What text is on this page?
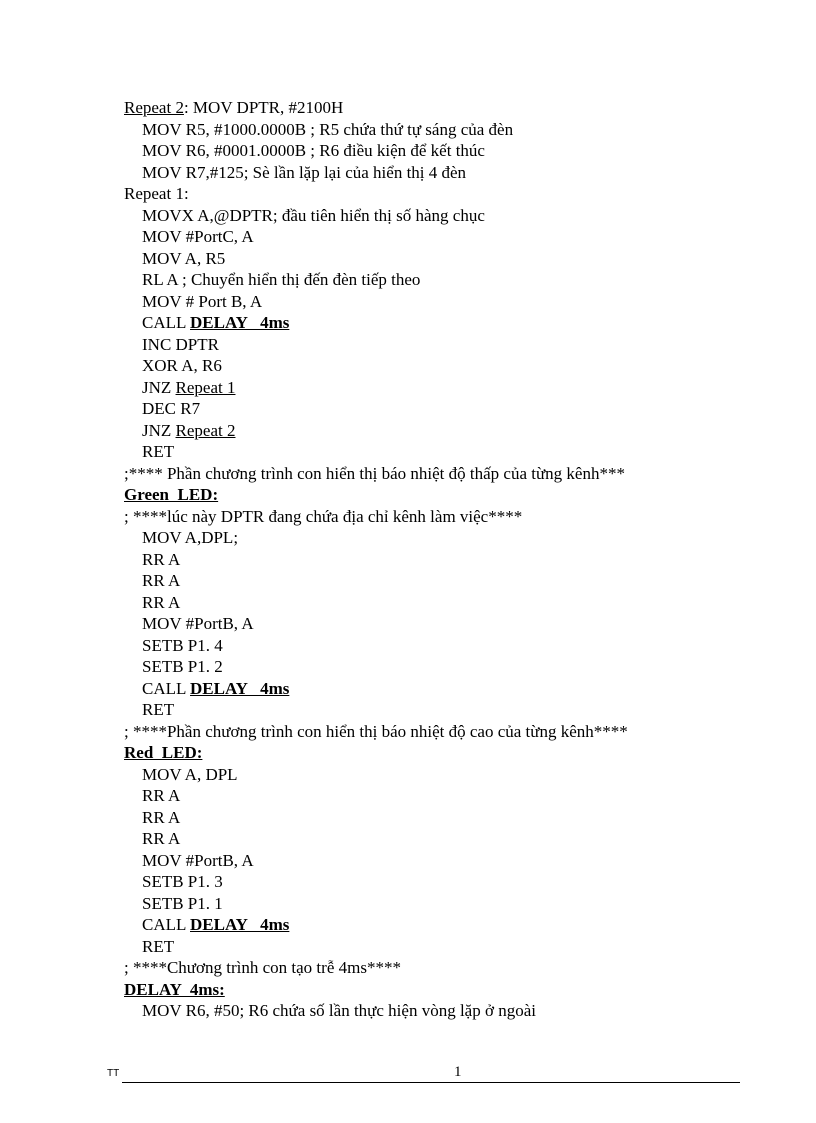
Repeat 2: MOV DPTR, #2100H
MOV R5, #1000.0000B ; R5 chứa thứ tự sáng của đèn
MOV R6, #0001.0000B ; R6 điều kiện để kết thúc
MOV R7,#125; Sè lần lặp lại của hiển thị 4 đèn
Repeat 1:
MOVX A,@DPTR; đầu tiên hiển thị số hàng chục
MOV #PortC, A
MOV A, R5
RL A ; Chuyển hiển thị đến đèn tiếp theo
MOV # Port B, A
CALL DELAY   4ms
INC DPTR
XOR A, R6
JNZ Repeat 1
DEC R7
JNZ Repeat 2
RET
;**** Phần chương trình con hiển thị báo nhiệt độ thấp của từng kênh***
Green  LED:
; ****lúc này DPTR đang chứa địa chỉ kênh làm việc****
MOV A,DPL;
RR A
RR A
RR A
MOV #PortB, A
SETB P1. 4
SETB P1. 2
CALL DELAY   4ms
RET
; ****Phần chương trình con hiển thị báo nhiệt độ cao của từng kênh****
Red  LED:
MOV A, DPL
RR A
RR A
RR A
MOV #PortB, A
SETB P1. 3
SETB P1. 1
CALL DELAY   4ms
RET
; ****Chương trình con tạo trễ 4ms****
DELAY  4ms:
MOV R6, #50; R6 chứa số lần thực hiện vòng lặp ở ngoài
TT	1
